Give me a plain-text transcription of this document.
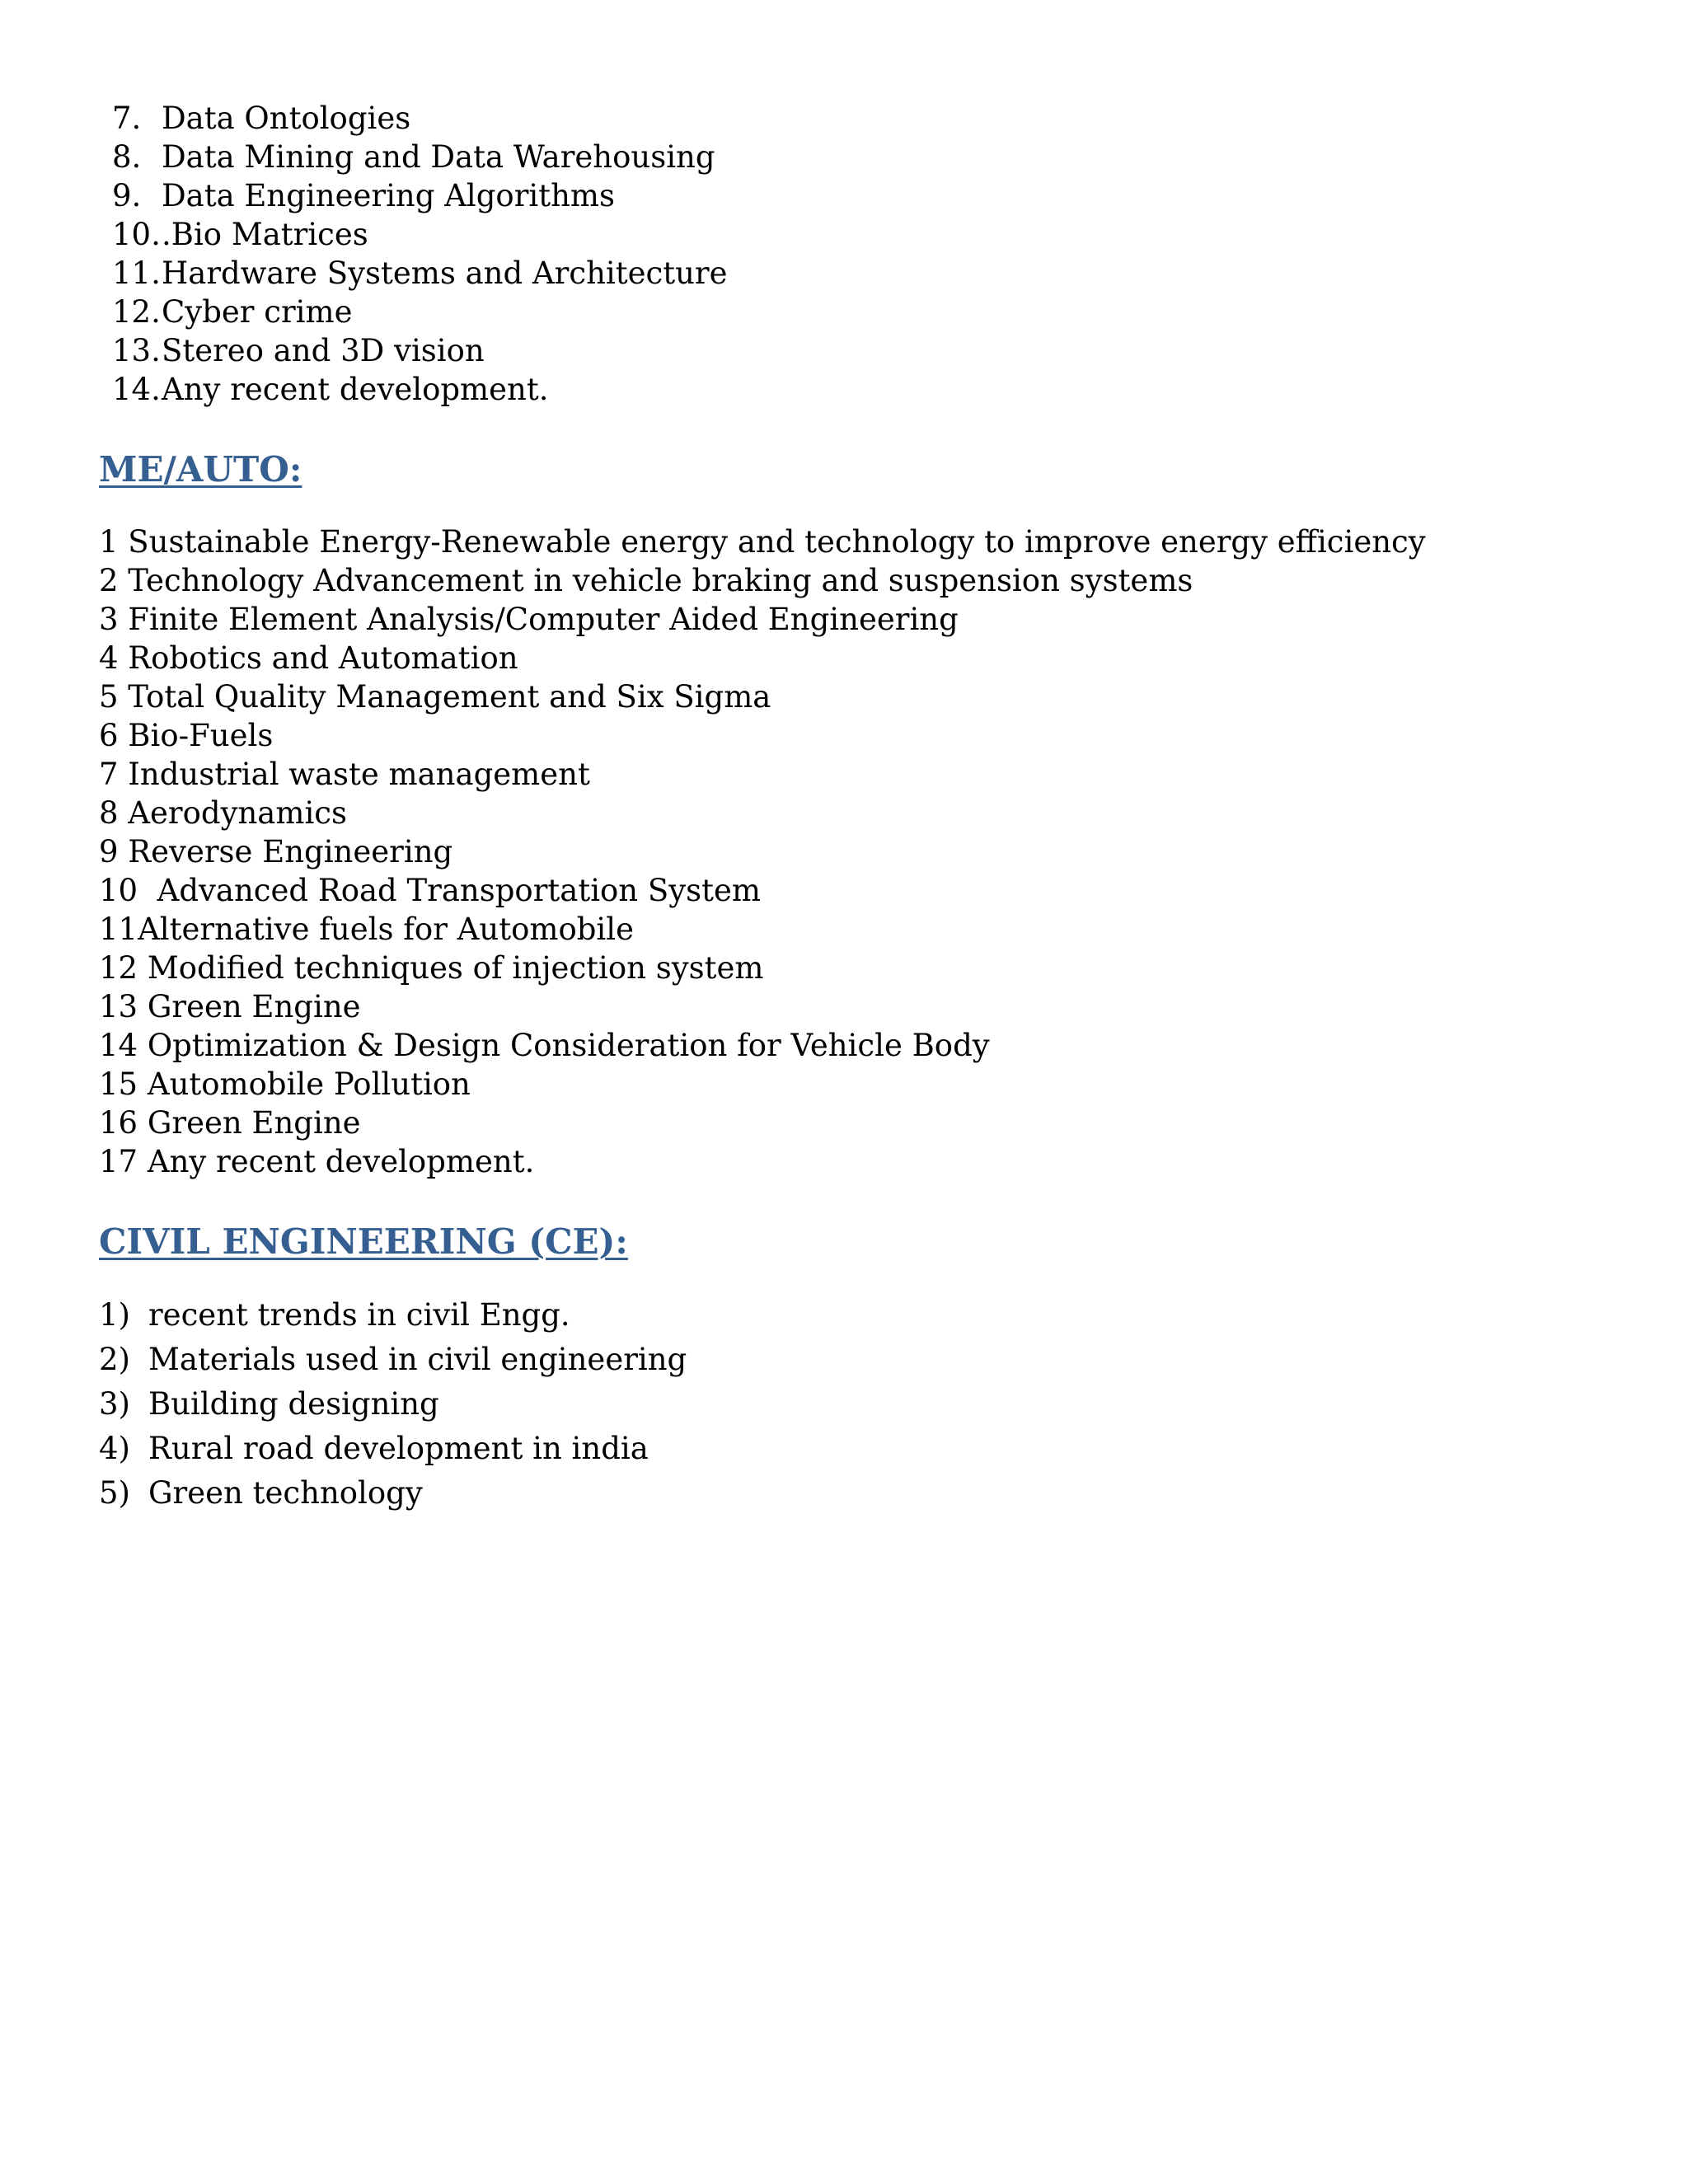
7. Data Ontologies
8. Data Mining and Data Warehousing
9. Data Engineering Algorithms
10. .Bio Matrices
11. Hardware Systems and Architecture
12. Cyber crime
13. Stereo and 3D vision
14. Any recent development.
ME/AUTO:
1 Sustainable Energy-Renewable energy and technology to improve energy efficiency
2 Technology Advancement in vehicle braking and suspension systems
3 Finite Element Analysis/Computer Aided Engineering
4 Robotics and Automation
5 Total Quality Management and Six Sigma
6 Bio-Fuels
7 Industrial waste management
8 Aerodynamics
9 Reverse Engineering
10  Advanced Road Transportation System
11Alternative fuels for Automobile
12 Modified techniques of injection system
13 Green Engine
14 Optimization & Design Consideration for Vehicle Body
15 Automobile Pollution
16 Green Engine
17 Any recent development.
CIVIL ENGINEERING (CE):
1) recent trends in civil Engg.
2) Materials used in civil engineering
3) Building designing
4) Rural road development in india
5) Green technology
